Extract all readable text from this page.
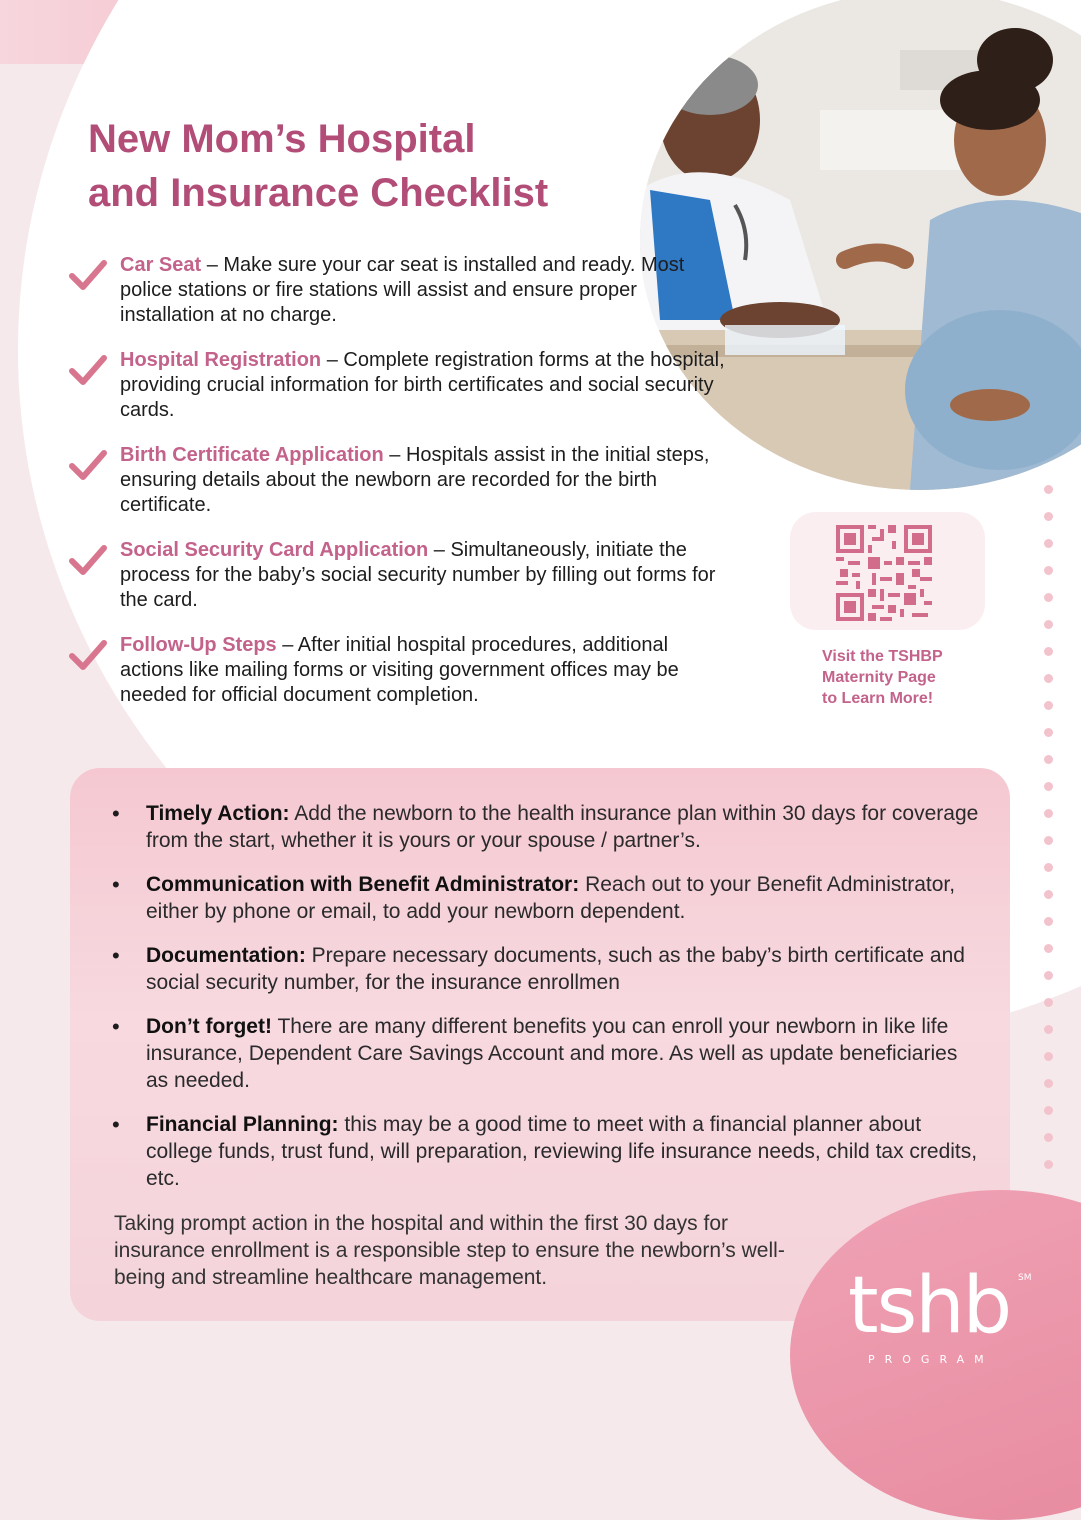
New Mom’s Hospital
and Insurance Checklist
Car Seat – Make sure your car seat is installed and ready. Most police stations or fire stations will assist and ensure proper installation at no charge.
Hospital Registration – Complete registration forms at the hospital, providing crucial information for birth certificates and social security cards.
Birth Certificate Application – Hospitals assist in the initial steps, ensuring details about the newborn are recorded for the birth certificate.
Social Security Card Application – Simultaneously, initiate the process for the baby’s social security number by filling out forms for the card.
Follow-Up Steps – After initial hospital procedures, additional actions like mailing forms or visiting government offices may be needed for official document completion.
Visit the TSHBP
Maternity Page
to Learn More!
• Timely Action: Add the newborn to the health insurance plan within 30 days for coverage from the start, whether it is yours or your spouse / partner’s.
• Communication with Benefit Administrator: Reach out to your Benefit Administrator, either by phone or email, to add your newborn dependent.
• Documentation: Prepare necessary documents, such as the baby’s birth certificate and social security number, for the insurance enrollmen
• Don’t forget! There are many different benefits you can enroll your newborn in like life insurance, Dependent Care Savings Account and more. As well as update beneficiaries as needed.
• Financial Planning: this may be a good time to meet with a financial planner about college funds, trust fund, will preparation, reviewing life insurance needs, child tax credits, etc.

Taking prompt action in the hospital and within the first 30 days for insurance enrollment is a responsible step to ensure the newborn’s well-being and streamline healthcare management.	tshb SM
PROGRAM
